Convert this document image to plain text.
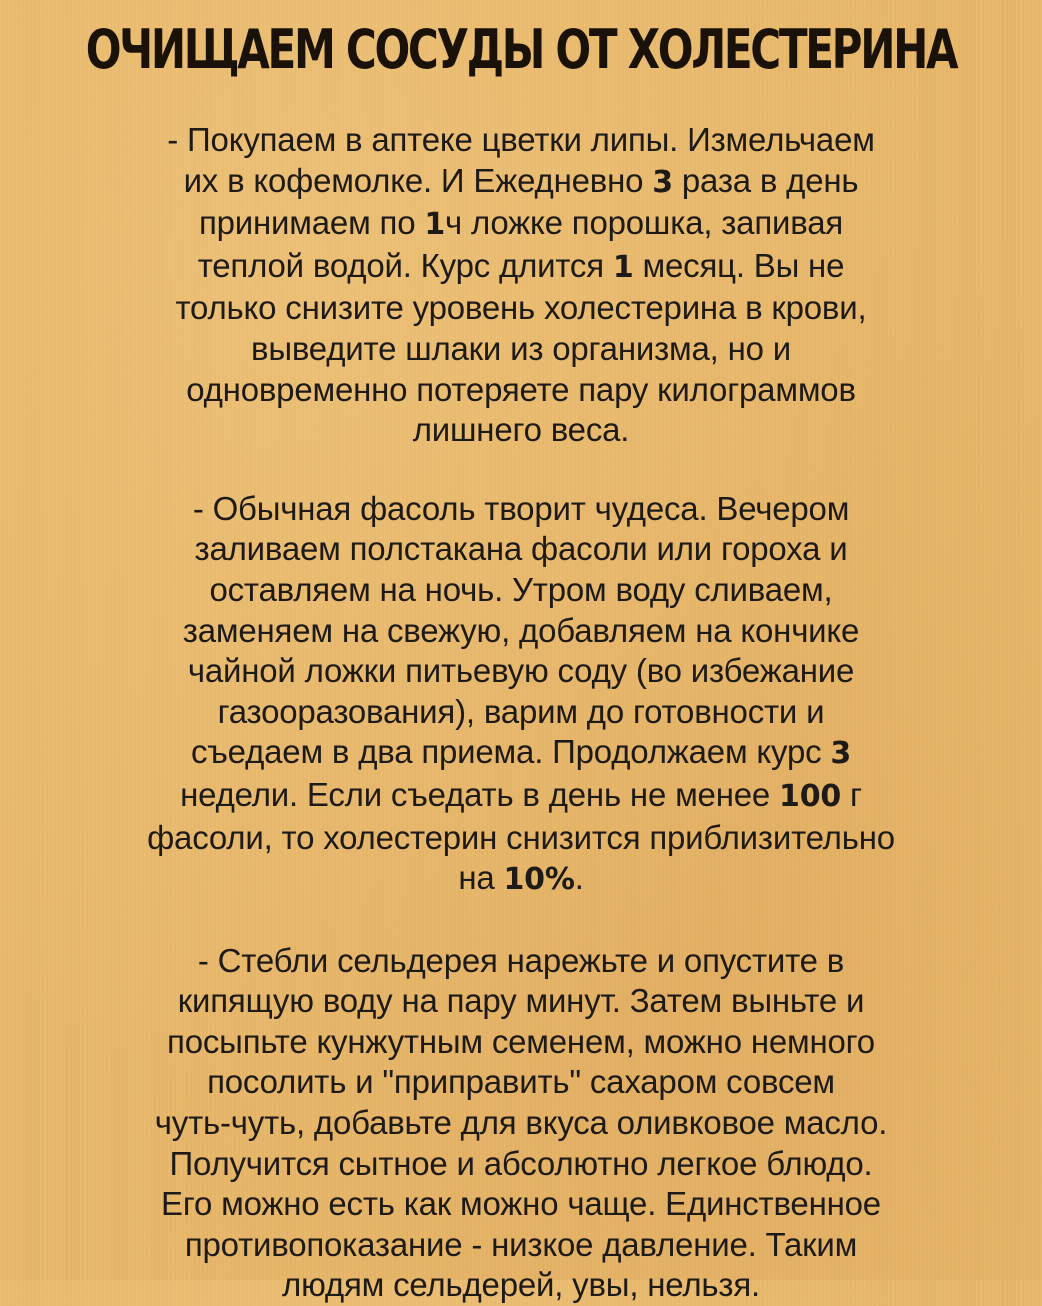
ОЧИЩАЕМ СОСУДЫ ОТ ХОЛЕСТЕРИНА
- Покупаем в аптеке цветки липы. Измельчаем
их в кофемолке. И Ежедневно 3 раза в день
принимаем по 1ч ложке порошка, запивая
теплой водой. Курс длится 1 месяц. Вы не
только снизите уровень холестерина в крови,
выведите шлаки из организма, но и
одновременно потеряете пару килограммов
лишнего веса.
- Обычная фасоль творит чудеса. Вечером
заливаем полстакана фасоли или гороха и
оставляем на ночь. Утром воду сливаем,
заменяем на свежую, добавляем на кончике
чайной ложки питьевую соду (во избежание
газооразования), варим до готовности и
съедаем в два приема. Продолжаем курс 3
недели. Если съедать в день не менее 100 г
фасоли, то холестерин снизится приблизительно
на 10%.
- Стебли сельдерея нарежьте и опустите в
кипящую воду на пару минут. Затем выньте и
посыпьте кунжутным семенем, можно немного
посолить и "приправить" сахаром совсем
чуть-чуть, добавьте для вкуса оливковое масло.
Получится сытное и абсолютно легкое блюдо.
Его можно есть как можно чаще. Единственное
противопоказание - низкое давление. Таким
людям сельдерей, увы, нельзя.
